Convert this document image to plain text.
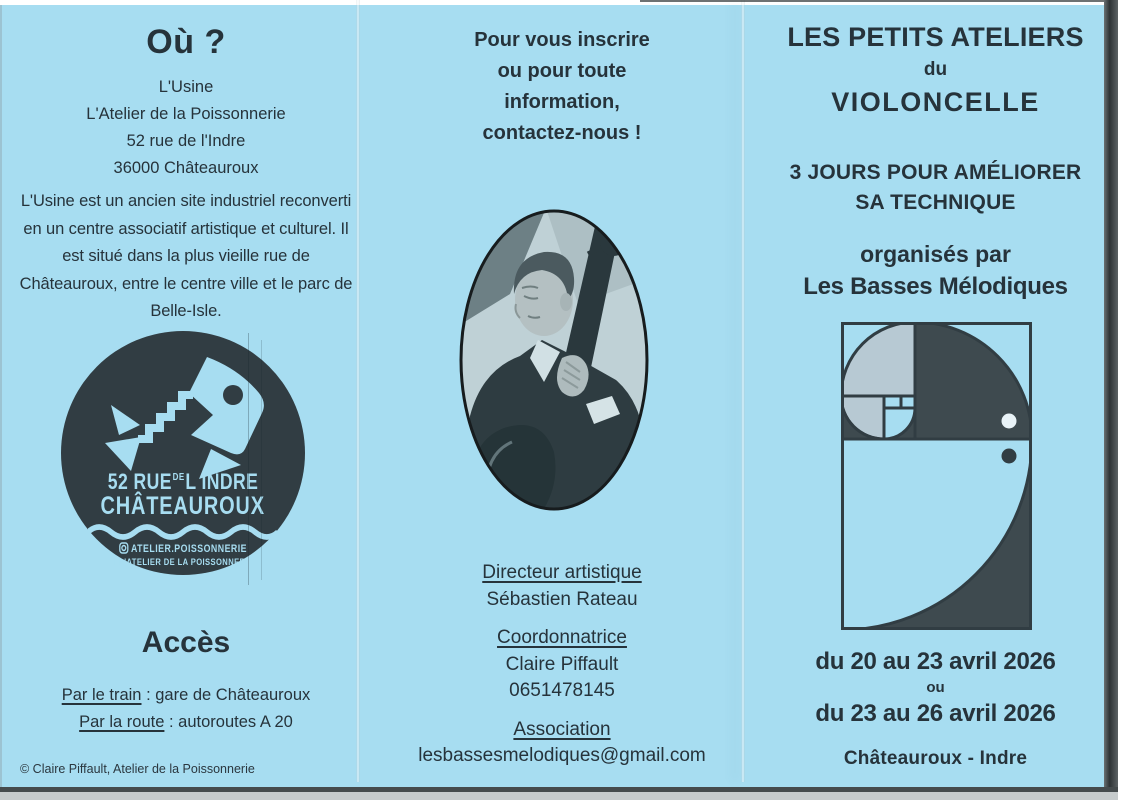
Où ?
L'Usine
L'Atelier de la Poissonnerie
52 rue de l'Indre
36000 Châteauroux
L'Usine est un ancien site industriel reconverti en un centre associatif artistique et culturel. Il est situé dans la plus vieille rue de Châteauroux, entre le centre ville et le parc de Belle-Isle.
52 $RUE^{DE}L$ INDRE
CHÂTEAUROUX
ATELIER.POISSONNERIE
f L'ATELIER DE LA POISSONNERIE
Accès
Par le train : gare de Châteauroux
Par la route : autoroutes A 20
© Claire Piffault, Atelier de la Poissonnerie
Pour vous inscrire
ou pour toute
information,
contactez-nous !
Directeur artistique
Sébastien Rateau
Coordonnatrice
Claire Piffault
0651478145
Association
lesbassesmelodiques@gmail.com
LES PETITS ATELIERS
du
VIOLONCELLE
3 JOURS POUR AMÉLIORER
SA TECHNIQUE
organisés par
Les Basses Mélodiques
du 20 au 23 avril 2026
ou
du 23 au 26 avril 2026
Châteauroux - Indre
